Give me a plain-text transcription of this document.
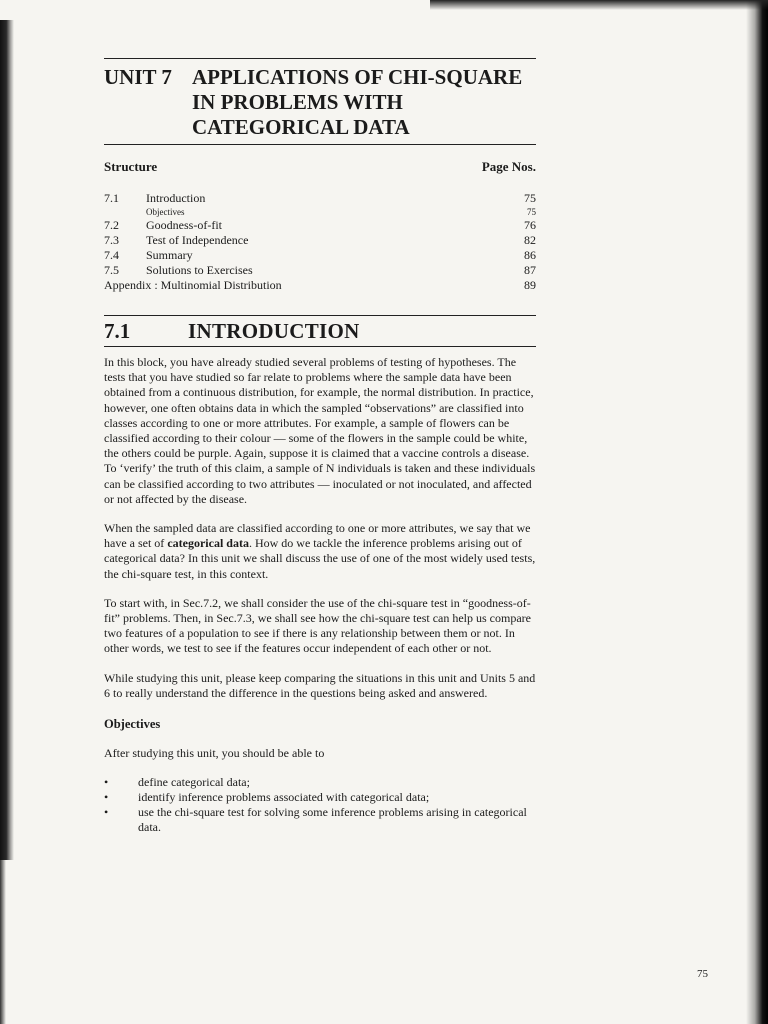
UNIT 7 APPLICATIONS OF CHI-SQUARE
IN PROBLEMS WITH
CATEGORICAL DATA
Structure	Page Nos.
7.1	Introduction	75
Objectives	75
7.2	Goodness-of-fit	76
7.3	Test of Independence	82
7.4	Summary	86
7.5	Solutions to Exercises	87
Appendix : Multinomial Distribution	89
7.1	INTRODUCTION

In this block, you have already studied several problems of testing of hypotheses. The tests that you have studied so far relate to problems where the sample data have been obtained from a continuous distribution, for example, the normal distribution. In practice, however, one often obtains data in which the sampled “observations” are classified into classes according to one or more attributes. For example, a sample of flowers can be classified according to their colour — some of the flowers in the sample could be white, the others could be purple. Again, suppose it is claimed that a vaccine controls a disease. To ‘verify’ the truth of this claim, a sample of N individuals is taken and these individuals can be classified according to two attributes — inoculated or not inoculated, and affected or not affected by the disease.

When the sampled data are classified according to one or more attributes, we say that we have a set of categorical data. How do we tackle the inference problems arising out of categorical data? In this unit we shall discuss the use of one of the most widely used tests, the chi-square test, in this context.

To start with, in Sec.7.2, we shall consider the use of the chi-square test in “goodness-of-fit” problems. Then, in Sec.7.3, we shall see how the chi-square test can help us compare two features of a population to see if there is any relationship between them or not. In other words, we test to see if the features occur independent of each other or not.

While studying this unit, please keep comparing the situations in this unit and Units 5 and 6 to really understand the difference in the questions being asked and answered.

Objectives

After studying this unit, you should be able to

•	define categorical data;
•	identify inference problems associated with categorical data;
•	use the chi-square test for solving some inference problems arising in categorical data.
75
